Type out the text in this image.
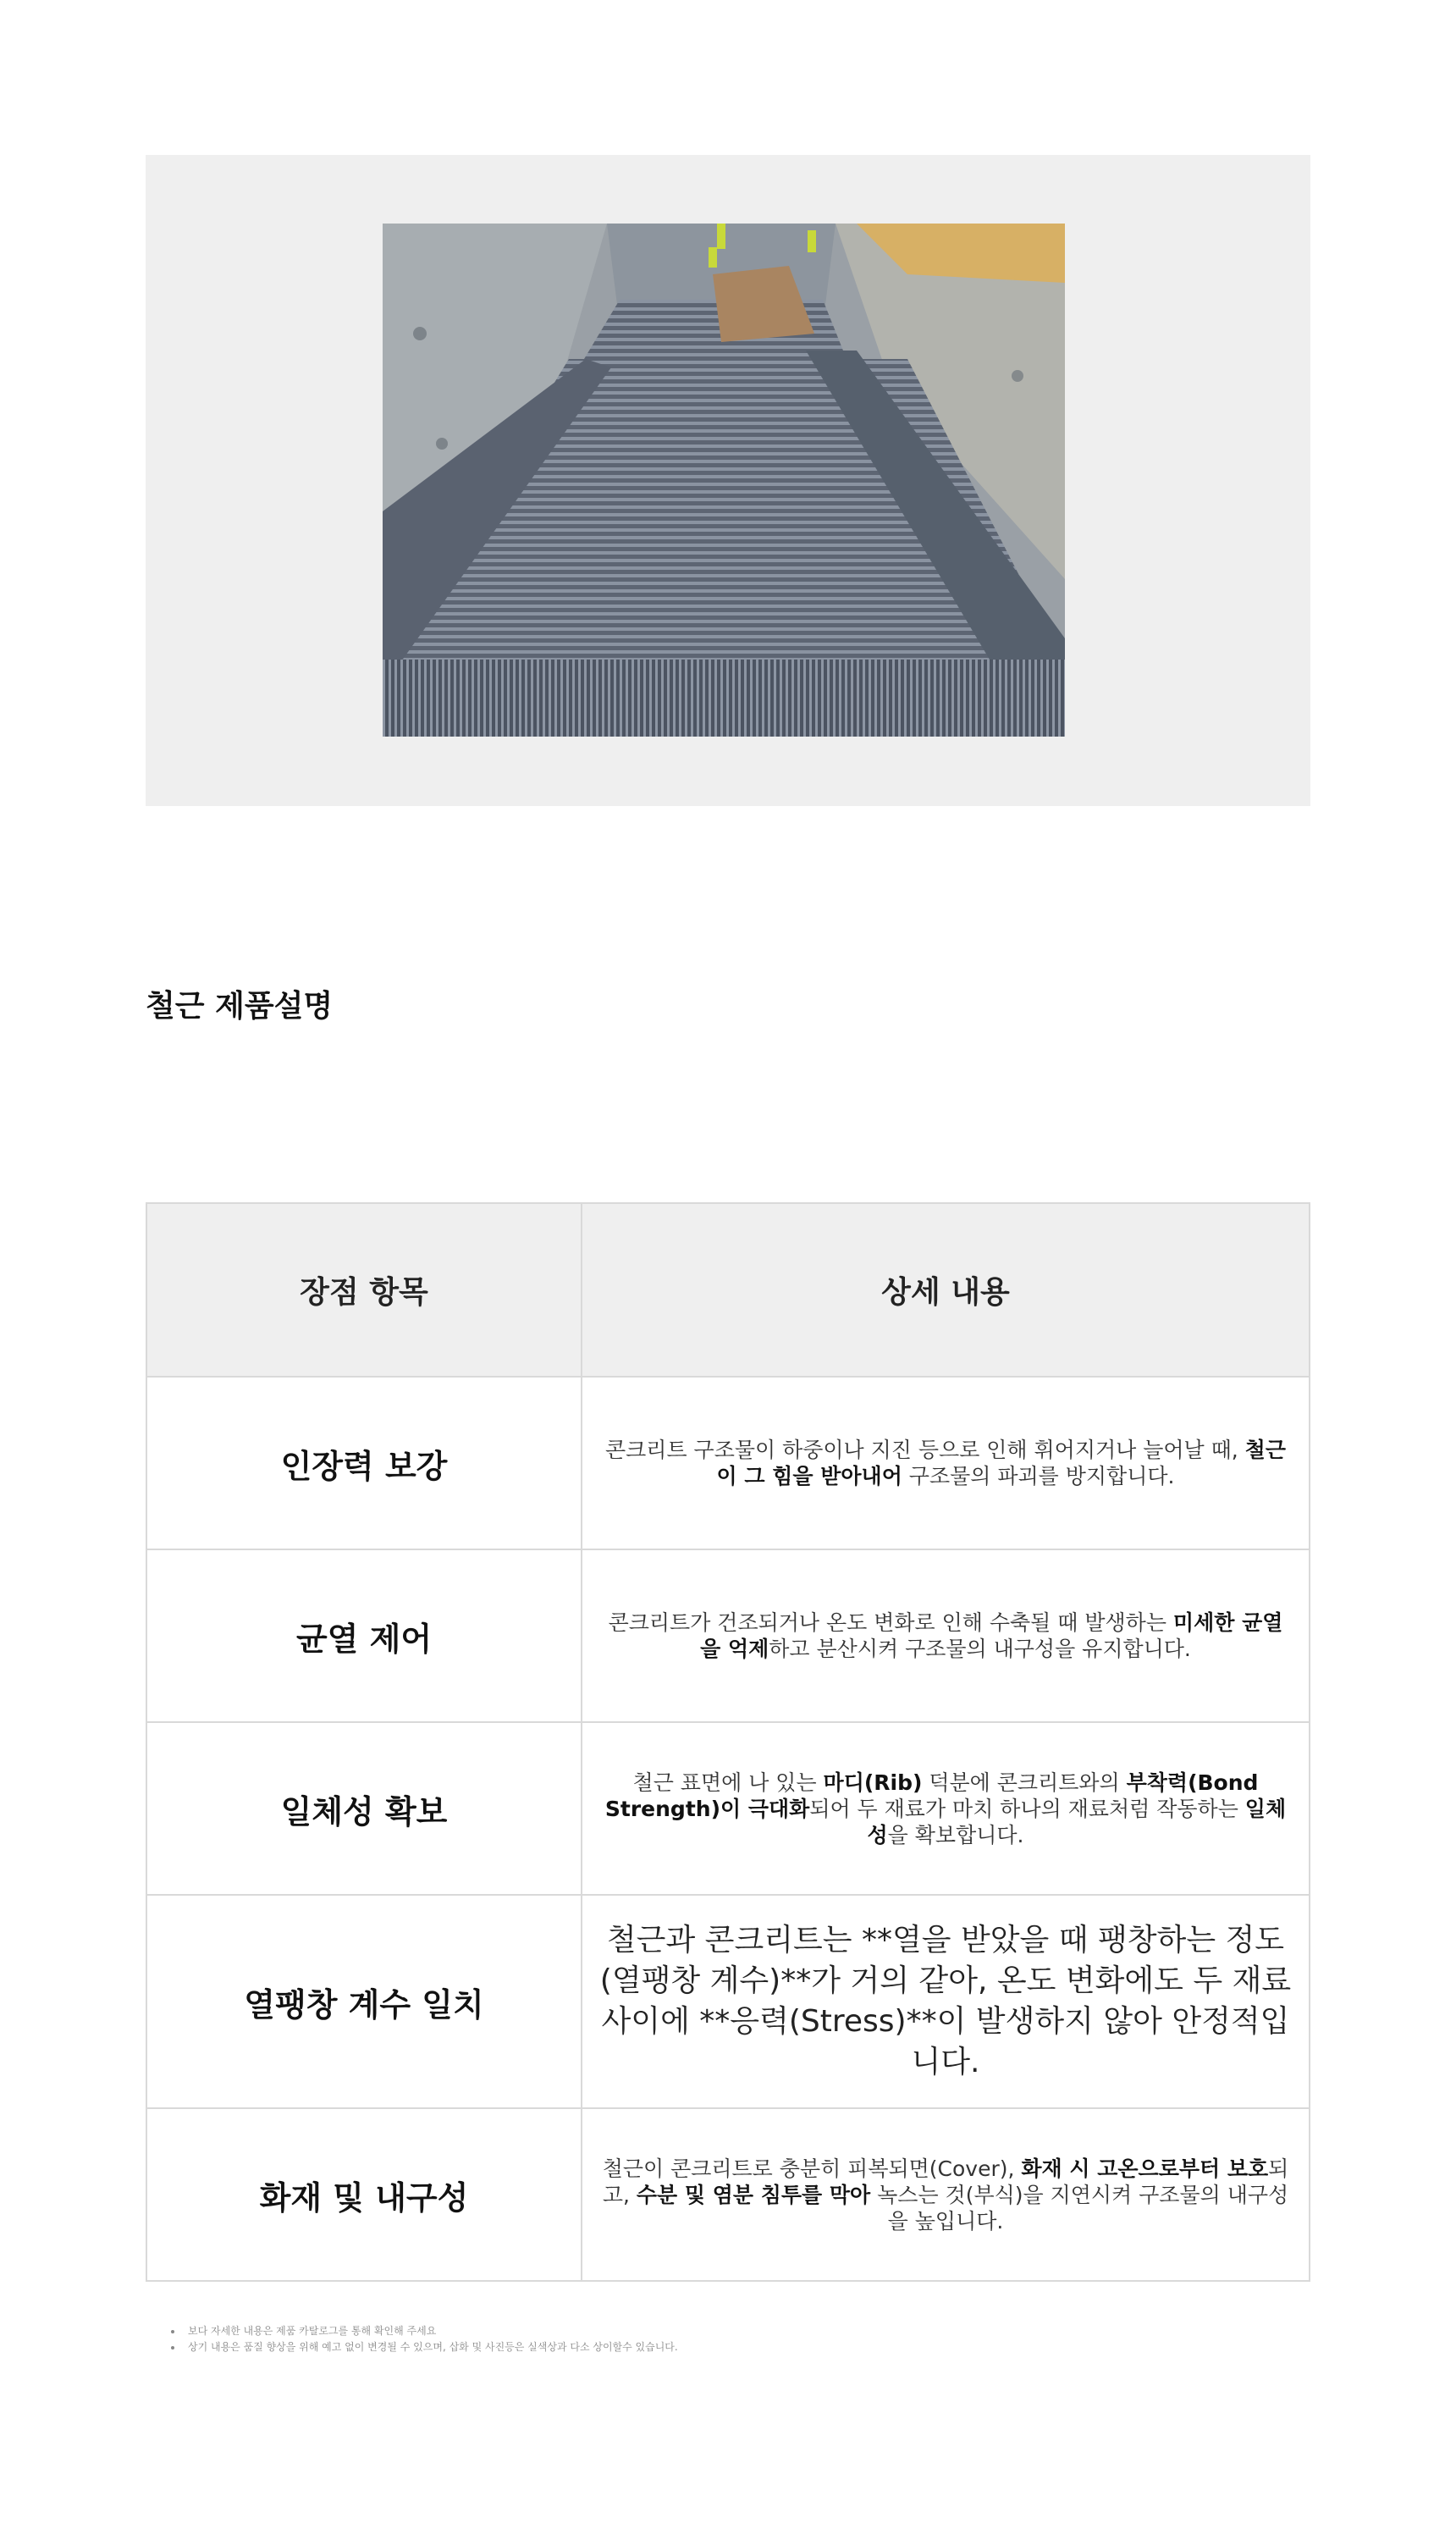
철근 제품설명
장점 항목	상세 내용
인장력 보강	콘크리트 구조물이 하중이나 지진 등으로 인해 휘어지거나 늘어날 때, 철근이 그 힘을 받아내어 구조물의 파괴를 방지합니다.
균열 제어	콘크리트가 건조되거나 온도 변화로 인해 수축될 때 발생하는 미세한 균열을 억제하고 분산시켜 구조물의 내구성을 유지합니다.
일체성 확보	철근 표면에 나 있는 마디(Rib) 덕분에 콘크리트와의 부착력(Bond Strength)이 극대화되어 두 재료가 마치 하나의 재료처럼 작동하는 일체성을 확보합니다.
열팽창 계수 일치	철근과 콘크리트는 **열을 받았을 때 팽창하는 정도(열팽창 계수)**가 거의 같아, 온도 변화에도 두 재료 사이에 **응력(Stress)**이 발생하지 않아 안정적입니다.
화재 및 내구성	철근이 콘크리트로 충분히 피복되면(Cover), 화재 시 고온으로부터 보호되고, 수분 및 염분 침투를 막아 녹스는 것(부식)을 지연시켜 구조물의 내구성을 높입니다.
• 보다 자세한 내용은 제품 카탈로그를 통해 확인해 주세요
• 상기 내용은 품질 향상을 위해 예고 없이 변경될 수 있으며, 삽화 및 사진등은 실색상과 다소 상이할수 있습니다.
